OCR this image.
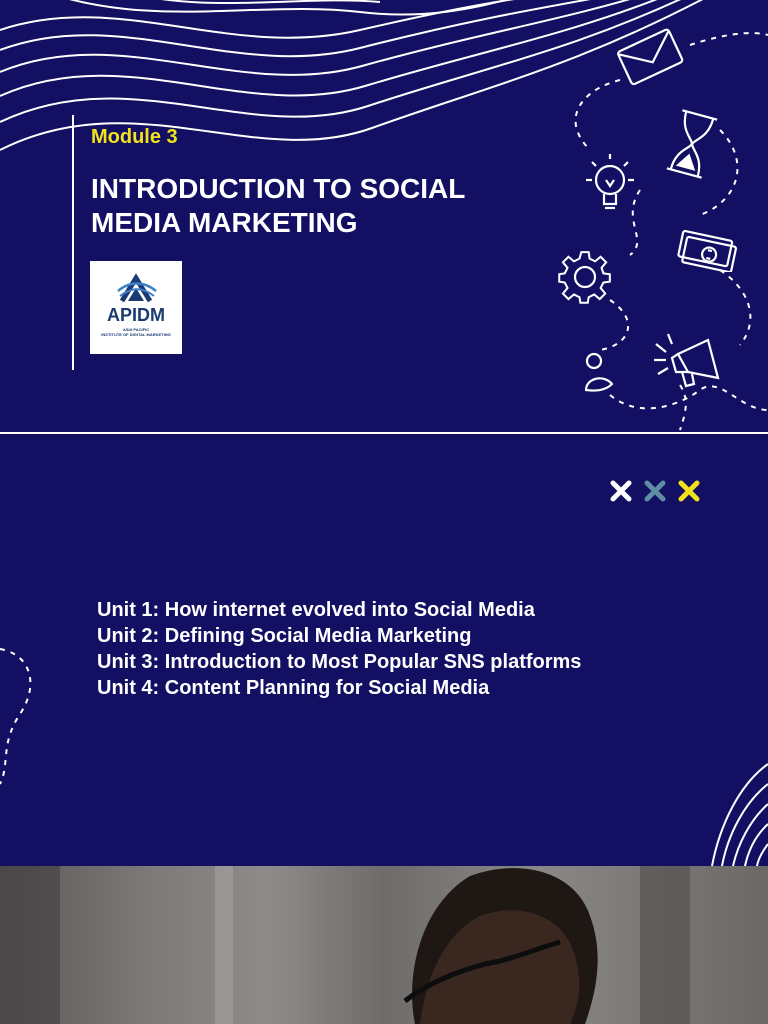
Module 3
INTRODUCTION TO SOCIAL
MEDIA MARKETING
APIDM
ASIA PACIFIC
INSTITUTE OF DIGITAL MARKETING
Unit 1: How internet evolved into Social Media
Unit 2: Defining Social Media Marketing
Unit 3: Introduction to Most Popular SNS platforms
Unit 4: Content Planning for Social Media
